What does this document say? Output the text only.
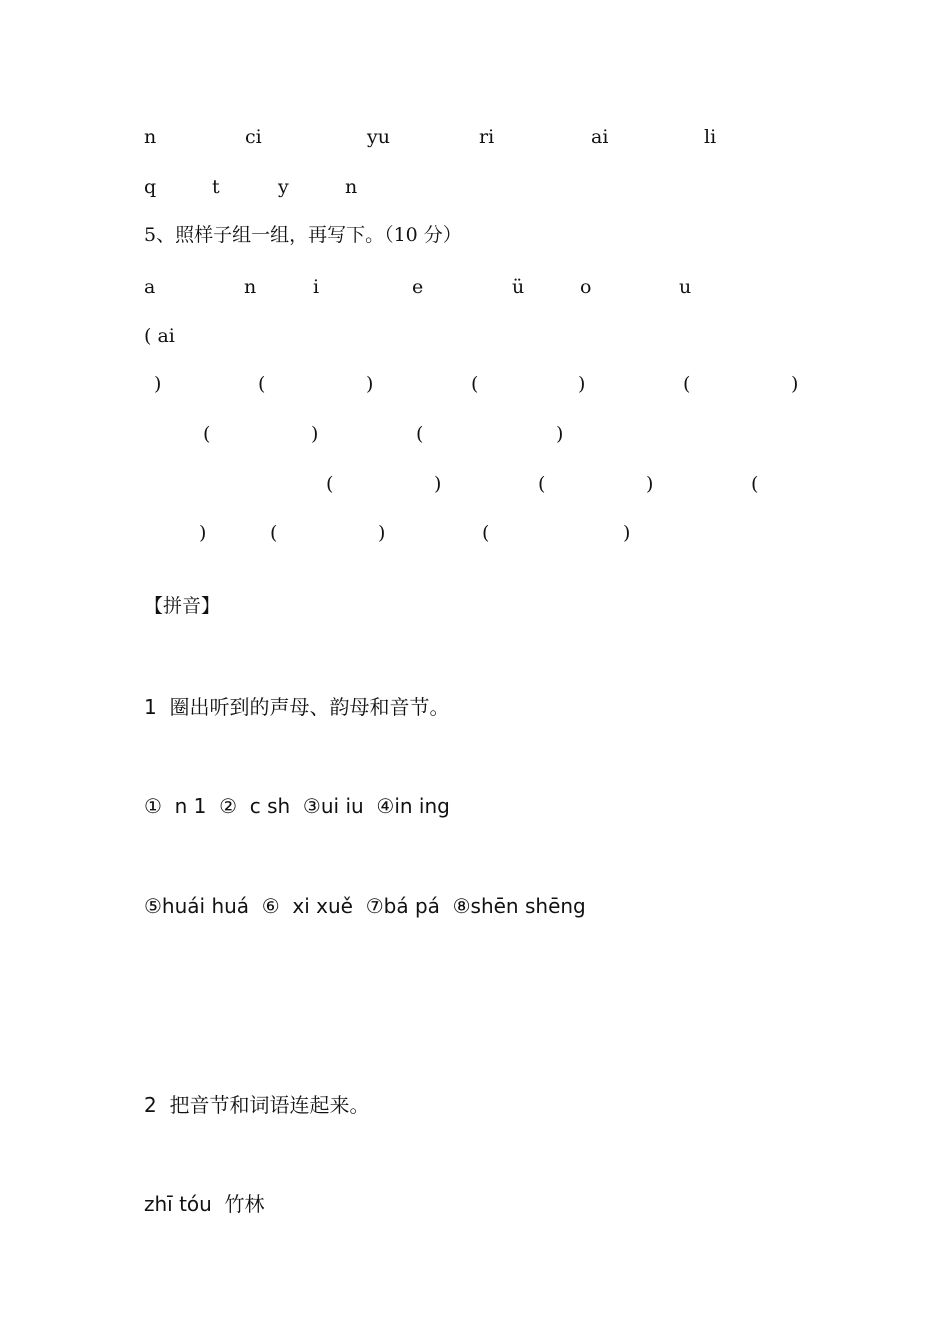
n	ci	yu	ri	ai	li
q	t	y	n
5、照样子组一组，再写下。（10 分）
a	n	i	e	ü	o	u
( ai
)	(	)	(	)	(	)
(	)	(	)
(	)	(	)	(
)	(	)	(	)
【拼音】
1  圈出听到的声母、韵母和音节。
①  n 1  ②  c sh  ③ui iu  ④in ing
⑤huái huá  ⑥  xi xuě  ⑦bá pá  ⑧shēn shēng
2  把音节和词语连起来。
zhī tóu  竹林
